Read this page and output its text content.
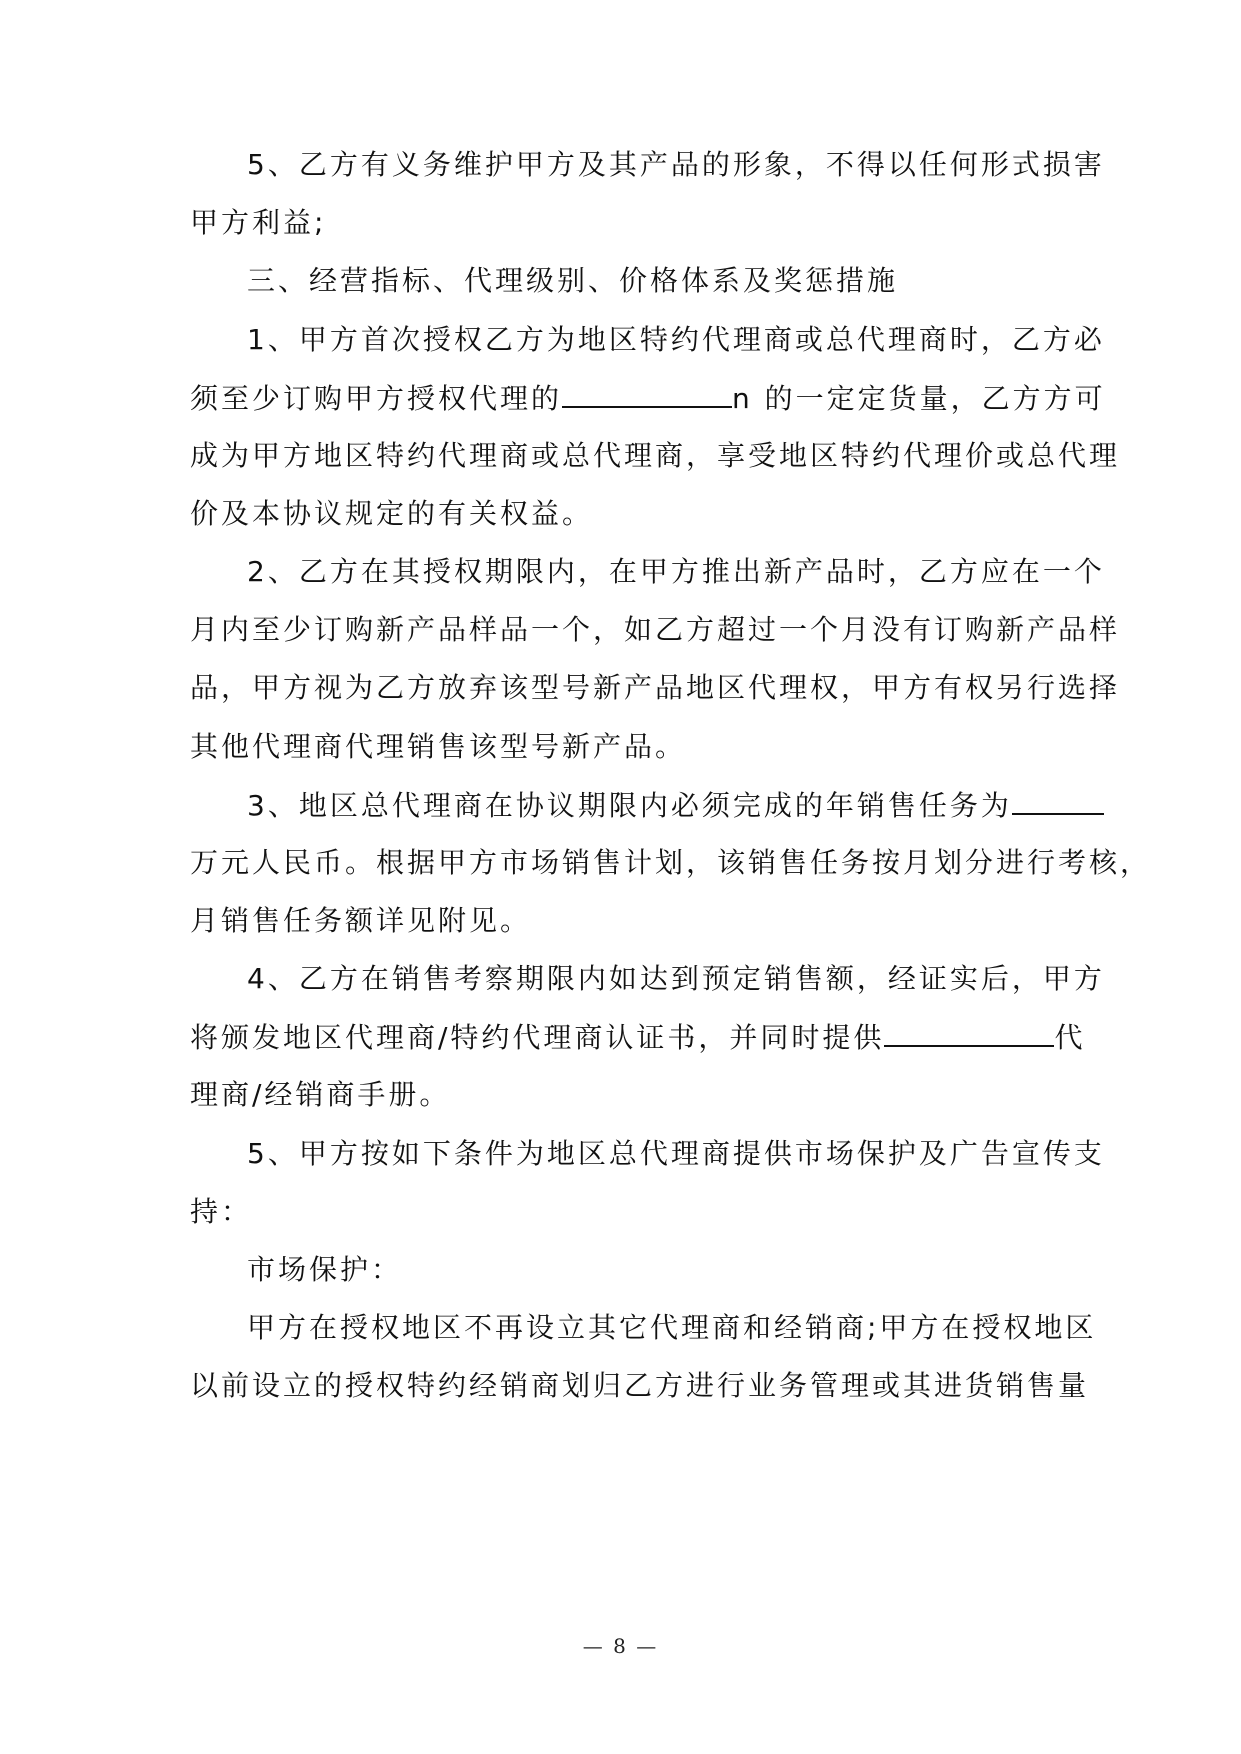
5、乙方有义务维护甲方及其产品的形象，不得以任何形式损害
甲方利益;
三、经营指标、代理级别、价格体系及奖惩措施
1、甲方首次授权乙方为地区特约代理商或总代理商时，乙方必
须至少订购甲方授权代理的	n 的一定定货量，乙方方可
成为甲方地区特约代理商或总代理商，享受地区特约代理价或总代理
价及本协议规定的有关权益。
2、乙方在其授权期限内，在甲方推出新产品时，乙方应在一个
月内至少订购新产品样品一个，如乙方超过一个月没有订购新产品样
品，甲方视为乙方放弃该型号新产品地区代理权，甲方有权另行选择
其他代理商代理销售该型号新产品。
3、地区总代理商在协议期限内必须完成的年销售任务为
万元人民币。根据甲方市场销售计划，该销售任务按月划分进行考核，
月销售任务额详见附见。
4、乙方在销售考察期限内如达到预定销售额，经证实后，甲方
将颁发地区代理商/特约代理商认证书，并同时提供	代
理商/经销商手册。
5、甲方按如下条件为地区总代理商提供市场保护及广告宣传支
持：
市场保护：
甲方在授权地区不再设立其它代理商和经销商;甲方在授权地区
以前设立的授权特约经销商划归乙方进行业务管理或其进货销售量
— 8 —
